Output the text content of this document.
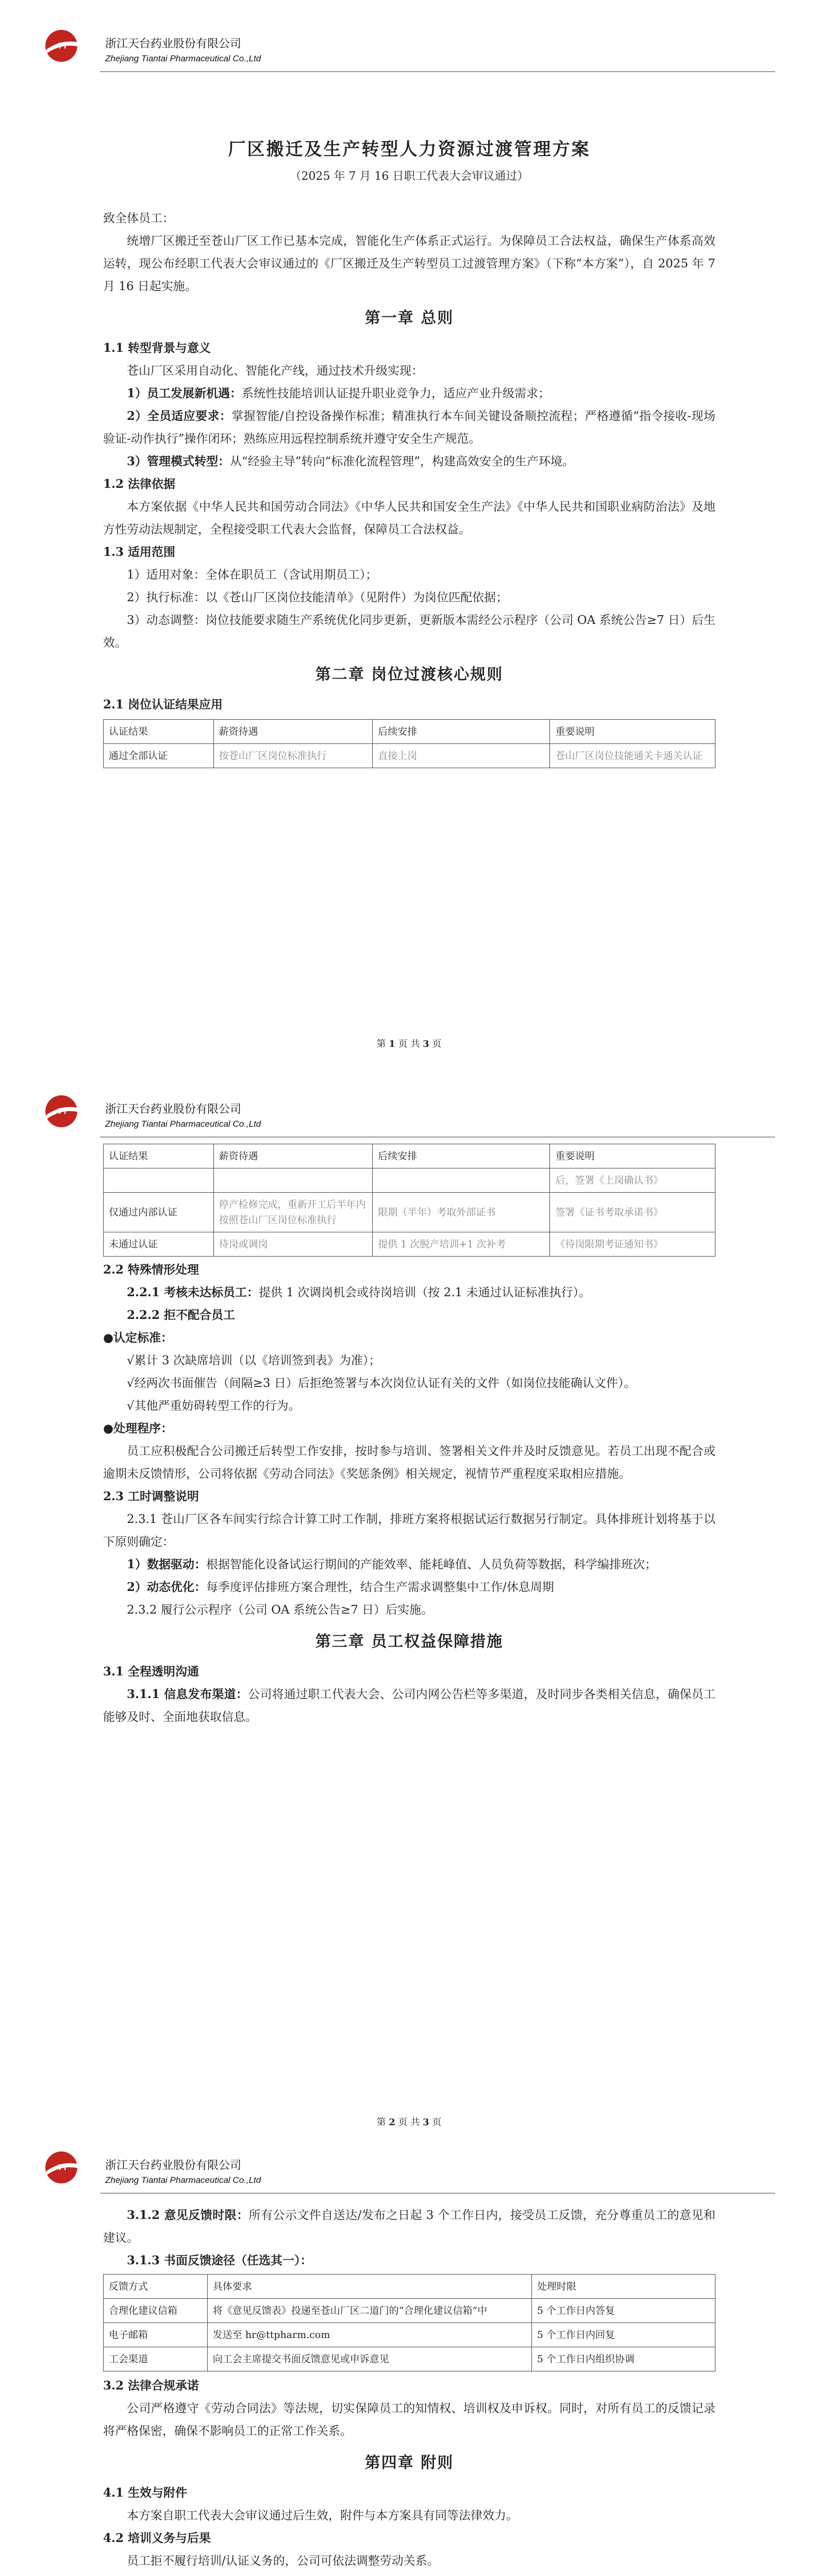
TT	浙江天台药业股份有限公司
Zhejiang Tiantai Pharmaceutical Co.,Ltd
厂区搬迁及生产转型人力资源过渡管理方案
（2025 年 7 月 16 日职工代表大会审议通过）

致全体员工：

统增厂区搬迁至苍山厂区工作已基本完成，智能化生产体系正式运行。为保障员工合法权益，确保生产体系高效运转，现公布经职工代表大会审议通过的《厂区搬迁及生产转型员工过渡管理方案》（下称“本方案”），自 2025 年 7 月 16 日起实施。

第一章 总则
1.1 转型背景与意义

苍山厂区采用自动化、智能化产线，通过技术升级实现：

1）员工发展新机遇：系统性技能培训认证提升职业竞争力，适应产业升级需求；

2）全员适应要求：掌握智能/自控设备操作标准；精准执行本车间关键设备顺控流程；严格遵循“指令接收-现场验证-动作执行”操作闭环；熟练应用远程控制系统并遵守安全生产规范。

3）管理模式转型：从“经验主导”转向“标准化流程管理”，构建高效安全的生产环境。

1.2 法律依据

本方案依据《中华人民共和国劳动合同法》《中华人民共和国安全生产法》《中华人民共和国职业病防治法》及地方性劳动法规制定，全程接受职工代表大会监督，保障员工合法权益。

1.3 适用范围

1）适用对象：全体在职员工（含试用期员工）；

2）执行标准：以《苍山厂区岗位技能清单》（见附件）为岗位匹配依据；

3）动态调整：岗位技能要求随生产系统优化同步更新，更新版本需经公示程序（公司 OA 系统公告≥7 日）后生效。

第二章 岗位过渡核心规则
2.1 岗位认证结果应用
认证结果	薪资待遇	后续安排	重要说明
通过全部认证	按苍山厂区岗位标准执行	直接上岗	苍山厂区岗位技能通关卡通关认证
第 1 页 共 3 页
TT	浙江天台药业股份有限公司
Zhejiang Tiantai Pharmaceutical Co.,Ltd
认证结果	薪资待遇	后续安排	重要说明
			后，签署《上岗确认书》
仅通过内部认证	停产检修完成，重新开工后半年内按照苍山厂区岗位标准执行	限期（半年）考取外部证书	签署《证书考取承诺书》
未通过认证	待岗或调岗	提供 1 次脱产培训+1 次补考	《待岗限期考证通知书》
2.2 特殊情形处理

2.2.1 考核未达标员工：提供 1 次调岗机会或待岗培训（按 2.1 未通过认证标准执行）。

2.2.2 拒不配合员工

●认定标准：

√累计 3 次缺席培训（以《培训签到表》为准）；

√经两次书面催告（间隔≥3 日）后拒绝签署与本次岗位认证有关的文件（如岗位技能确认文件）。

√其他严重妨碍转型工作的行为。

●处理程序：

员工应积极配合公司搬迁后转型工作安排，按时参与培训、签署相关文件并及时反馈意见。若员工出现不配合或逾期未反馈情形，公司将依据《劳动合同法》《奖惩条例》相关规定，视情节严重程度采取相应措施。

2.3 工时调整说明

2.3.1 苍山厂区各车间实行综合计算工时工作制，排班方案将根据试运行数据另行制定。具体排班计划将基于以下原则确定：

1）数据驱动：根据智能化设备试运行期间的产能效率、能耗峰值、人员负荷等数据，科学编排班次；

2）动态优化：每季度评估排班方案合理性，结合生产需求调整集中工作/休息周期

2.3.2 履行公示程序（公司 OA 系统公告≥7 日）后实施。

第三章 员工权益保障措施
3.1 全程透明沟通

3.1.1 信息发布渠道：公司将通过职工代表大会、公司内网公告栏等多渠道，及时同步各类相关信息，确保员工能够及时、全面地获取信息。

第 2 页 共 3 页
TT	浙江天台药业股份有限公司
Zhejiang Tiantai Pharmaceutical Co.,Ltd

3.1.2 意见反馈时限：所有公示文件自送达/发布之日起 3 个工作日内，接受员工反馈，充分尊重员工的意见和建议。

3.1.3 书面反馈途径（任选其一）：

反馈方式	具体要求	处理时限
合理化建议信箱	将《意见反馈表》投递至苍山厂区二道门的“合理化建议信箱”中	5 个工作日内答复
电子邮箱	发送至 hr@ttpharm.com	5 个工作日内回复
工会渠道	向工会主席提交书面反馈意见或申诉意见	5 个工作日内组织协调
3.2 法律合规承诺

公司严格遵守《劳动合同法》等法规，切实保障员工的知情权、培训权及申诉权。同时，对所有员工的反馈记录将严格保密，确保不影响员工的正常工作关系。

第四章 附则
4.1 生效与附件

本方案自职工代表大会审议通过后生效，附件与本方案具有同等法律效力。

4.2 培训义务与后果

员工拒不履行培训/认证义务的，公司可依法调整劳动关系。
